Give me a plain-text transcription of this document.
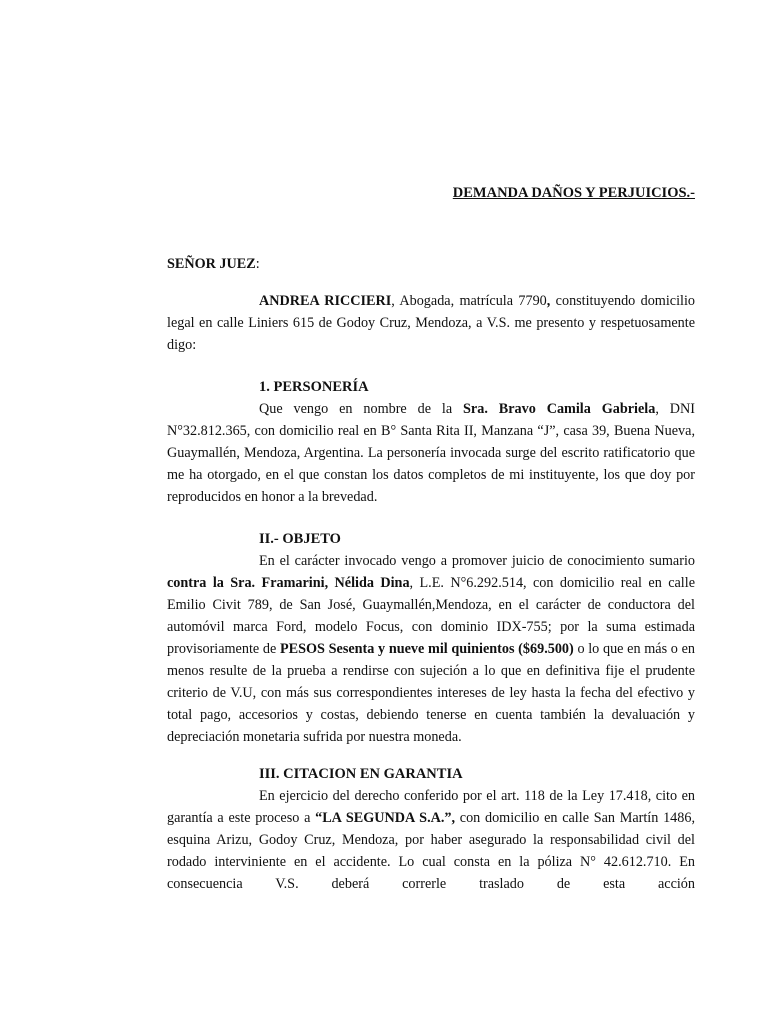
DEMANDA DAÑOS Y PERJUICIOS.-
SEÑOR JUEZ:

ANDREA RICCIERI, Abogada, matrícula 7790, constituyendo domicilio legal en calle Liniers 615 de Godoy Cruz, Mendoza, a V.S. me presento y respetuosamente digo:

1. PERSONERÍA

Que vengo en nombre de la Sra. Bravo Camila Gabriela, DNI N°32.812.365, con domicilio real en B° Santa Rita II, Manzana “J”, casa 39, Buena Nueva, Guaymallén, Mendoza, Argentina. La personería invocada surge del escrito ratificatorio que me ha otorgado, en el que constan los datos completos de mi instituyente, los que doy por reproducidos en honor a la brevedad.

II.- OBJETO

En el carácter invocado vengo a promover juicio de conocimiento sumario contra la Sra. Framarini, Nélida Dina, L.E. N°6.292.514, con domicilio real en calle Emilio Civit 789, de San José, Guaymallén,Mendoza, en el carácter de conductora del automóvil marca Ford, modelo Focus, con dominio IDX-755; por la suma estimada provisoriamente de PESOS Sesenta y nueve mil quinientos ($69.500) o lo que en más o en menos resulte de la prueba a rendirse con sujeción a lo que en definitiva fije el prudente criterio de V.U, con más sus correspondientes intereses de ley hasta la fecha del efectivo y total pago, accesorios y costas, debiendo tenerse en cuenta también la devaluación y depreciación monetaria sufrida por nuestra moneda.

III. CITACION EN GARANTIA

En ejercicio del derecho conferido por el art. 118 de la Ley 17.418, cito en garantía a este proceso a “LA SEGUNDA S.A.”, con domicilio en calle San Martín 1486, esquina Arizu, Godoy Cruz, Mendoza, por haber asegurado la responsabilidad civil del rodado interviniente en el accidente. Lo cual consta en la póliza N° 42.612.710. En consecuencia V.S. deberá correrle traslado de esta acción
